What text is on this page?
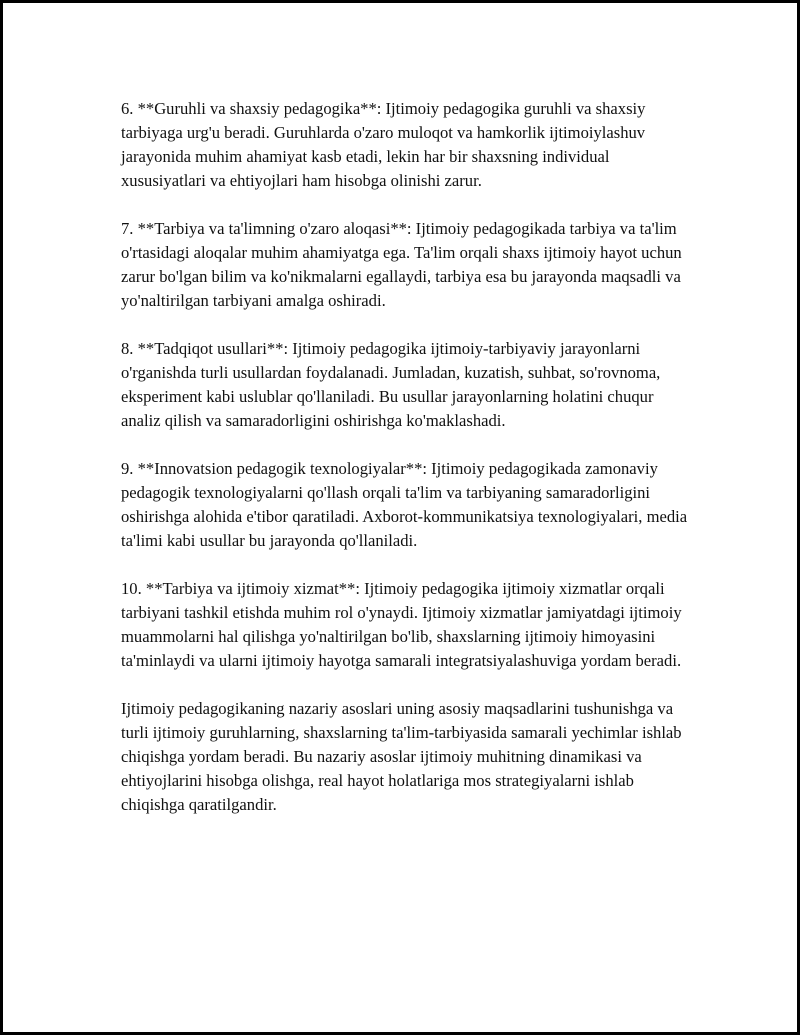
6. **Guruhli va shaxsiy pedagogika**: Ijtimoiy pedagogika guruhli va shaxsiy tarbiyaga urg'u beradi. Guruhlarda o'zaro muloqot va hamkorlik ijtimoiylashuv jarayonida muhim ahamiyat kasb etadi, lekin har bir shaxsning individual xususiyatlari va ehtiyojlari ham hisobga olinishi zarur.

7. **Tarbiya va ta'limning o'zaro aloqasi**: Ijtimoiy pedagogikada tarbiya va ta'lim o'rtasidagi aloqalar muhim ahamiyatga ega. Ta'lim orqali shaxs ijtimoiy hayot uchun zarur bo'lgan bilim va ko'nikmalarni egallaydi, tarbiya esa bu jarayonda maqsadli va yo'naltirilgan tarbiyani amalga oshiradi.

8. **Tadqiqot usullari**: Ijtimoiy pedagogika ijtimoiy-tarbiyaviy jarayonlarni o'rganishda turli usullardan foydalanadi. Jumladan, kuzatish, suhbat, so'rovnoma, eksperiment kabi uslublar qo'llaniladi. Bu usullar jarayonlarning holatini chuqur analiz qilish va samaradorligini oshirishga ko'maklashadi.

9. **Innovatsion pedagogik texnologiyalar**: Ijtimoiy pedagogikada zamonaviy pedagogik texnologiyalarni qo'llash orqali ta'lim va tarbiyaning samaradorligini oshirishga alohida e'tibor qaratiladi. Axborot-kommunikatsiya texnologiyalari, media ta'limi kabi usullar bu jarayonda qo'llaniladi.

10. **Tarbiya va ijtimoiy xizmat**: Ijtimoiy pedagogika ijtimoiy xizmatlar orqali tarbiyani tashkil etishda muhim rol o'ynaydi. Ijtimoiy xizmatlar jamiyatdagi ijtimoiy muammolarni hal qilishga yo'naltirilgan bo'lib, shaxslarning ijtimoiy himoyasini ta'minlaydi va ularni ijtimoiy hayotga samarali integratsiyalashuviga yordam beradi.

Ijtimoiy pedagogikaning nazariy asoslari uning asosiy maqsadlarini tushunishga va turli ijtimoiy guruhlarning, shaxslarning ta'lim-tarbiyasida samarali yechimlar ishlab chiqishga yordam beradi. Bu nazariy asoslar ijtimoiy muhitning dinamikasi va ehtiyojlarini hisobga olishga, real hayot holatlariga mos strategiyalarni ishlab chiqishga qaratilgandir.
